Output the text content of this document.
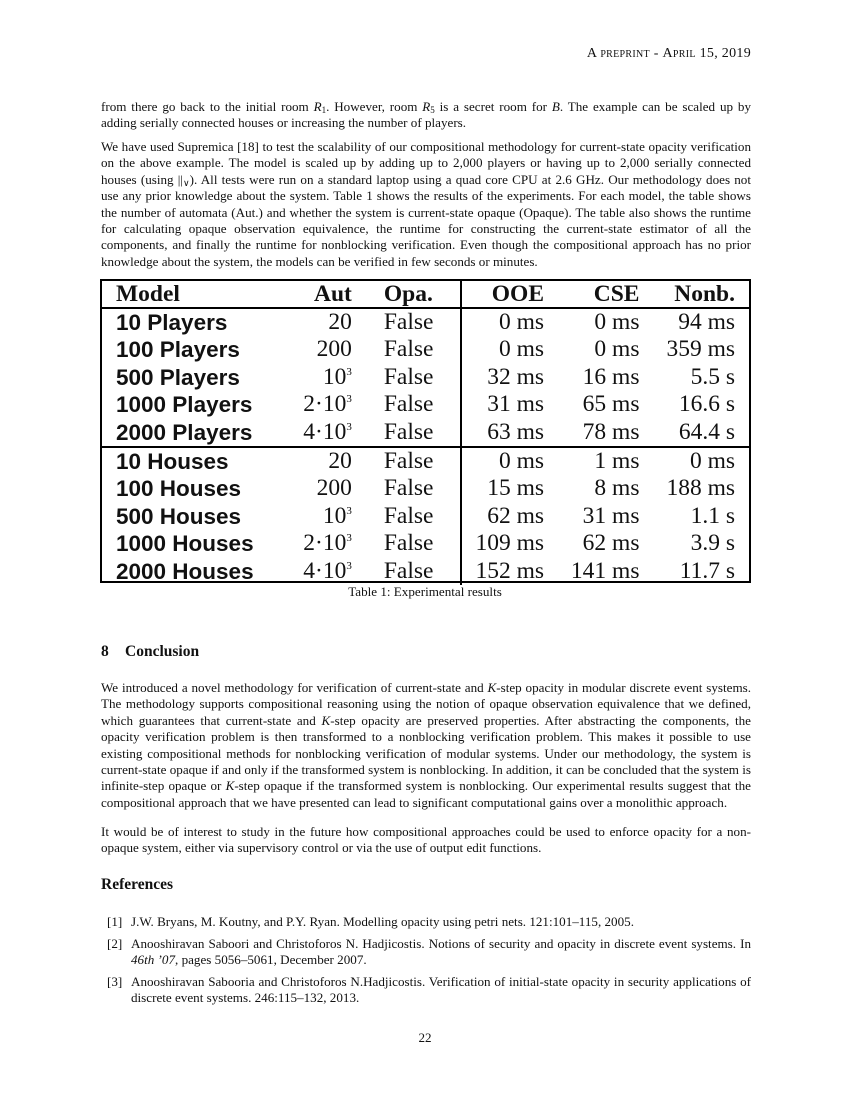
A preprint - April 15, 2019

from there go back to the initial room $R_1$. However, room $R_5$ is a secret room for B. The example can be scaled up by adding serially connected houses or increasing the number of players.

We have used Supremica [18] to test the scalability of our compositional methodology for current-state opacity verification on the above example. The model is scaled up by adding up to 2,000 players or having up to 2,000 serially connected houses (using $||_\vee$). All tests were run on a standard laptop using a quad core CPU at 2.6 GHz. Our methodology does not use any prior knowledge about the system. Table 1 shows the results of the experiments. For each model, the table shows the number of automata (Aut.) and whether the system is current-state opaque (Opaque). The table also shows the runtime for calculating opaque observation equivalence, the runtime for constructing the current-state estimator of all the components, and finally the runtime for nonblocking verification. Even though the compositional approach has no prior knowledge about the system, the models can be verified in few seconds or minutes.

Model	Aut	Opa.	OOE	CSE	Nonb.
10 Players	20	False	0 ms	0 ms	94 ms
100 Players	200	False	0 ms	0 ms	359 ms
500 Players	$10^3$	False	32 ms	16 ms	5.5 s
1000 Players	$2\cdot 10^3$	False	31 ms	65 ms	16.6 s
2000 Players	$4\cdot 10^3$	False	63 ms	78 ms	64.4 s
10 Houses	20	False	0 ms	1 ms	0 ms
100 Houses	200	False	15 ms	8 ms	188 ms
500 Houses	$10^3$	False	62 ms	31 ms	1.1 s
1000 Houses	$2\cdot 10^3$	False	109 ms	62 ms	3.9 s
2000 Houses	$4\cdot 10^3$	False	152 ms	141 ms	11.7 s
Table 1: Experimental results
8 Conclusion

We introduced a novel methodology for verification of current-state and K-step opacity in modular discrete event systems. The methodology supports compositional reasoning using the notion of opaque observation equivalence that we defined, which guarantees that current-state and K-step opacity are preserved properties. After abstracting the components, the opacity verification problem is then transformed to a nonblocking verification problem. This makes it possible to use existing compositional methods for nonblocking verification of modular systems. Under our methodology, the system is current-state opaque if and only if the transformed system is nonblocking. In addition, it can be concluded that the system is infinite-step opaque or K-step opaque if the transformed system is nonblocking. Our experimental results suggest that the compositional approach that we have presented can lead to significant computational gains over a monolithic approach.

It would be of interest to study in the future how compositional approaches could be used to enforce opacity for a non-opaque system, either via supervisory control or via the use of output edit functions.

References
[1] J.W. Bryans, M. Koutny, and P.Y. Ryan. Modelling opacity using petri nets. 121:101–115, 2005.
[2] Anooshiravan Saboori and Christoforos N. Hadjicostis. Notions of security and opacity in discrete event systems. In 46th ’07, pages 5056–5061, December 2007.
[3] Anooshiravan Sabooria and Christoforos N.Hadjicostis. Verification of initial-state opacity in security applications of discrete event systems. 246:115–132, 2013.
22
